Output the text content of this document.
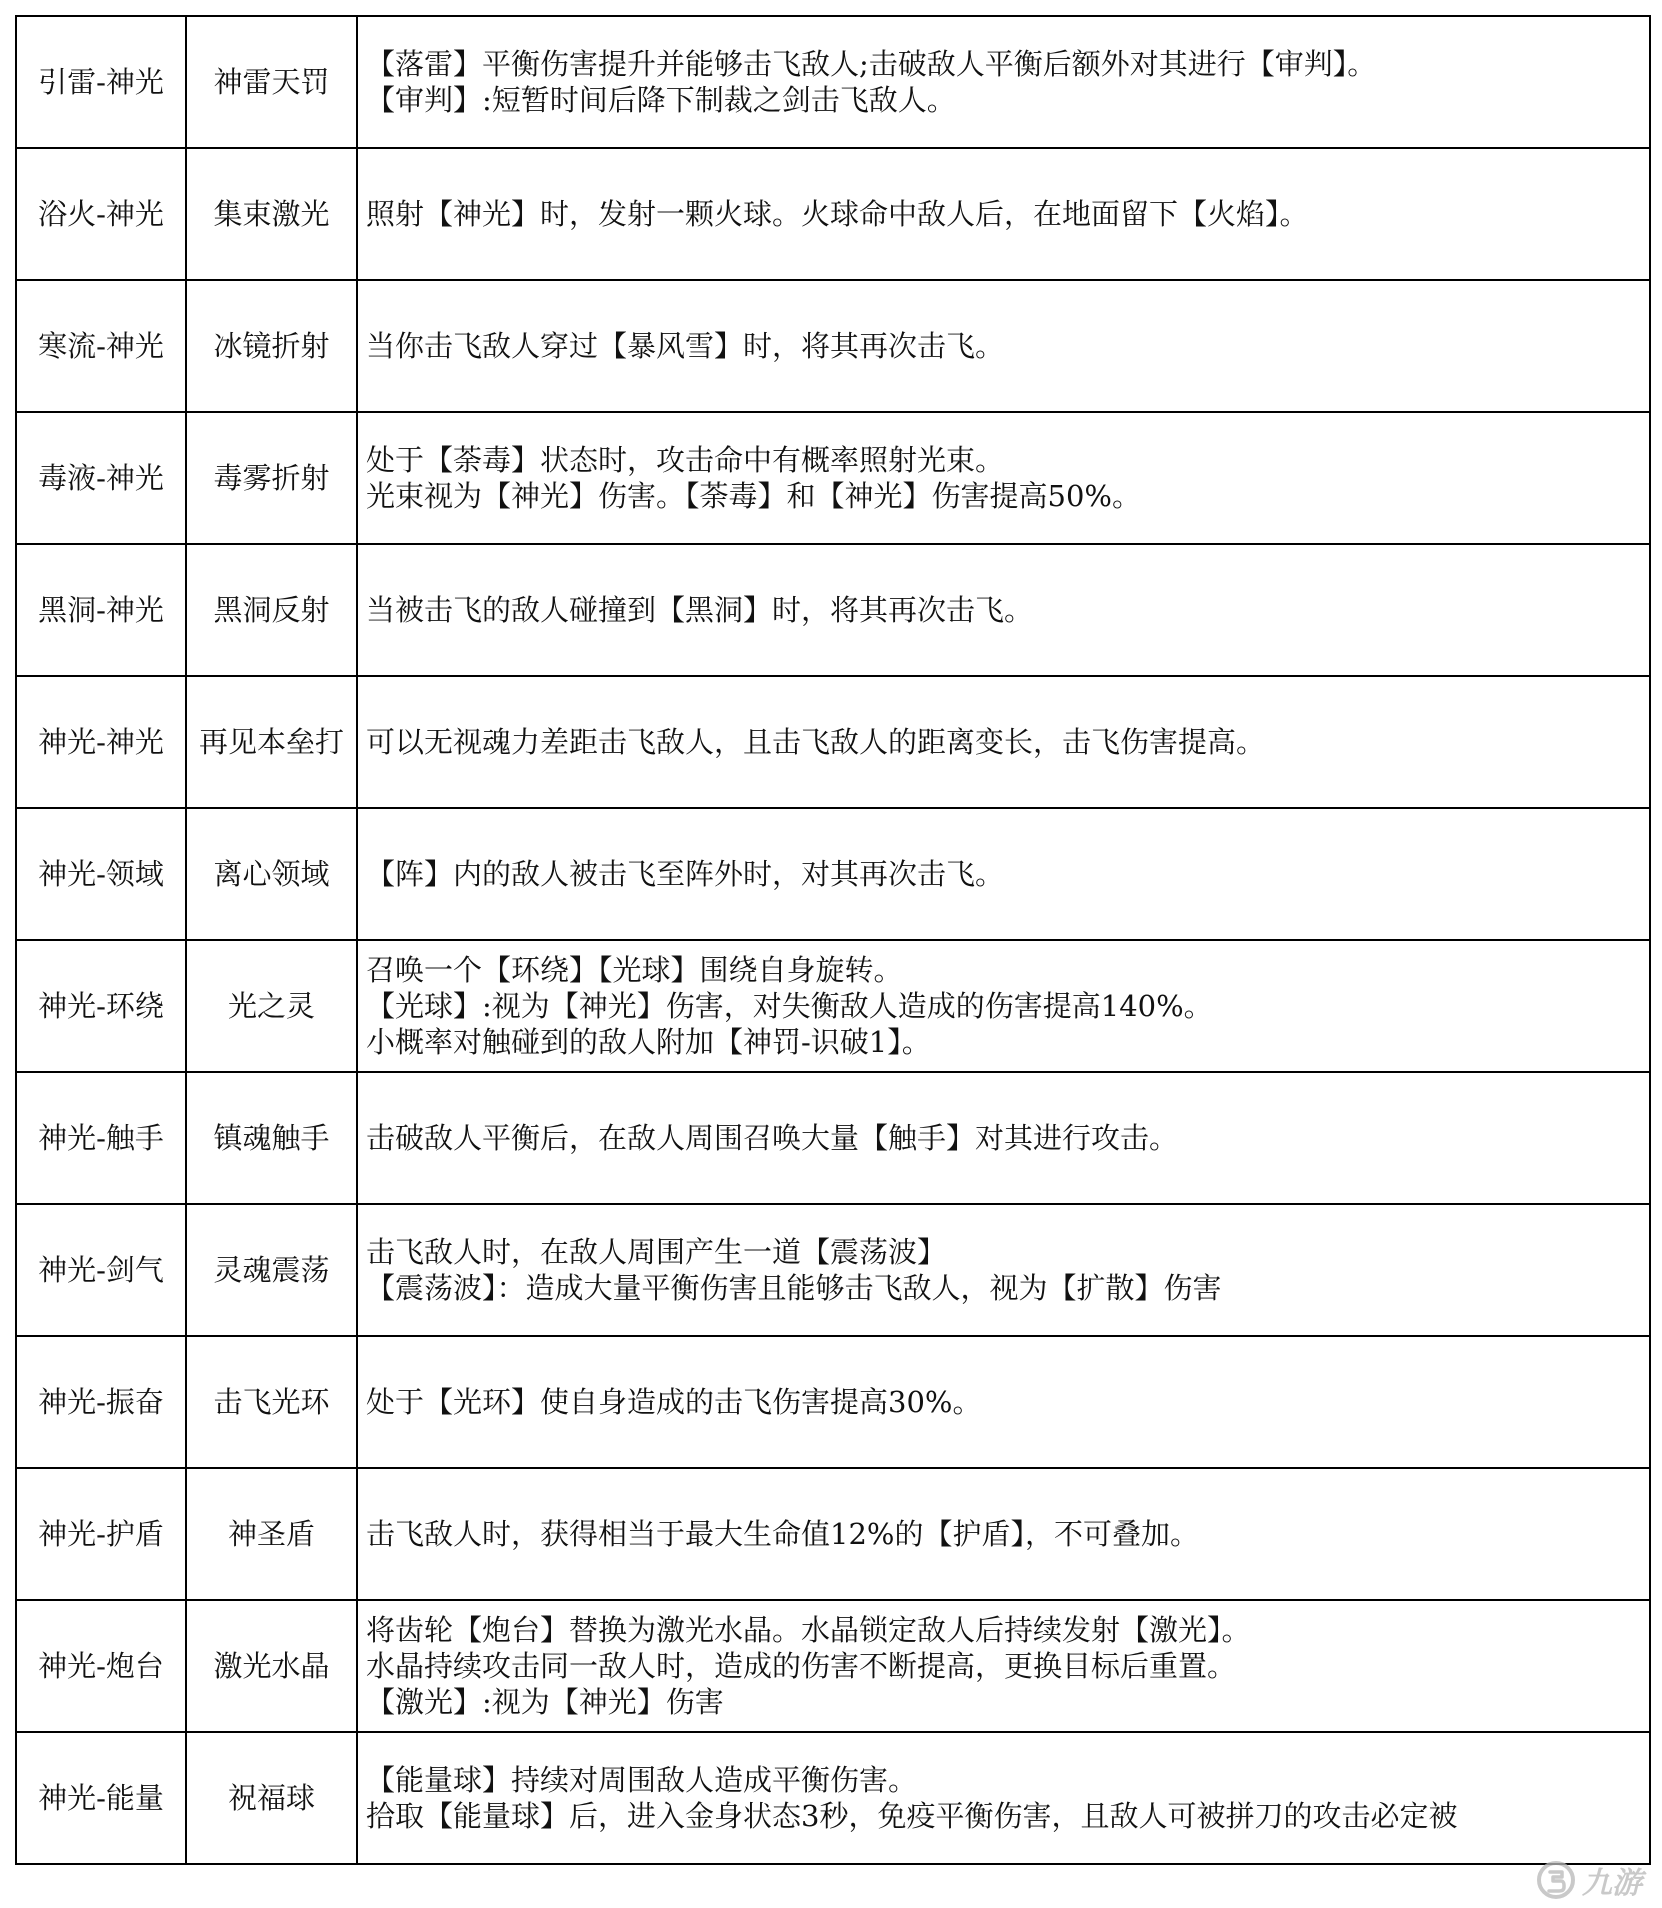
引雷-神光	神雷天罚	【落雷】平衡伤害提升并能够击飞敌人;击破敌人平衡后额外对其进行【审判】。
【审判】:短暂时间后降下制裁之剑击飞敌人。

浴火-神光	集束激光	照射【神光】时，发射一颗火球。火球命中敌人后，在地面留下【火焰】。

寒流-神光	冰镜折射	当你击飞敌人穿过【暴风雪】时，将其再次击飞。

毒液-神光	毒雾折射	处于【荼毒】状态时，攻击命中有概率照射光束。
光束视为【神光】伤害。【荼毒】和【神光】伤害提高50%。

黑洞-神光	黑洞反射	当被击飞的敌人碰撞到【黑洞】时，将其再次击飞。

神光-神光	再见本垒打	可以无视魂力差距击飞敌人，且击飞敌人的距离变长，击飞伤害提高。

神光-领域	离心领域	【阵】内的敌人被击飞至阵外时，对其再次击飞。

神光-环绕	光之灵	召唤一个【环绕】【光球】围绕自身旋转。
【光球】:视为【神光】伤害，对失衡敌人造成的伤害提高140%。
小概率对触碰到的敌人附加【神罚-识破1】。

神光-触手	镇魂触手	击破敌人平衡后，在敌人周围召唤大量【触手】对其进行攻击。

神光-剑气	灵魂震荡	击飞敌人时，在敌人周围产生一道【震荡波】
【震荡波】：造成大量平衡伤害且能够击飞敌人，视为【扩散】伤害

神光-振奋	击飞光环	处于【光环】使自身造成的击飞伤害提高30%。

神光-护盾	神圣盾	击飞敌人时，获得相当于最大生命值12%的【护盾】，不可叠加。

神光-炮台	激光水晶	将齿轮【炮台】替换为激光水晶。水晶锁定敌人后持续发射【激光】。
水晶持续攻击同一敌人时，造成的伤害不断提高，更换目标后重置。
【激光】:视为【神光】伤害

神光-能量	祝福球	【能量球】持续对周围敌人造成平衡伤害。
拾取【能量球】后，进入金身状态3秒，免疫平衡伤害，且敌人可被拼刀的攻击必定被
九游
